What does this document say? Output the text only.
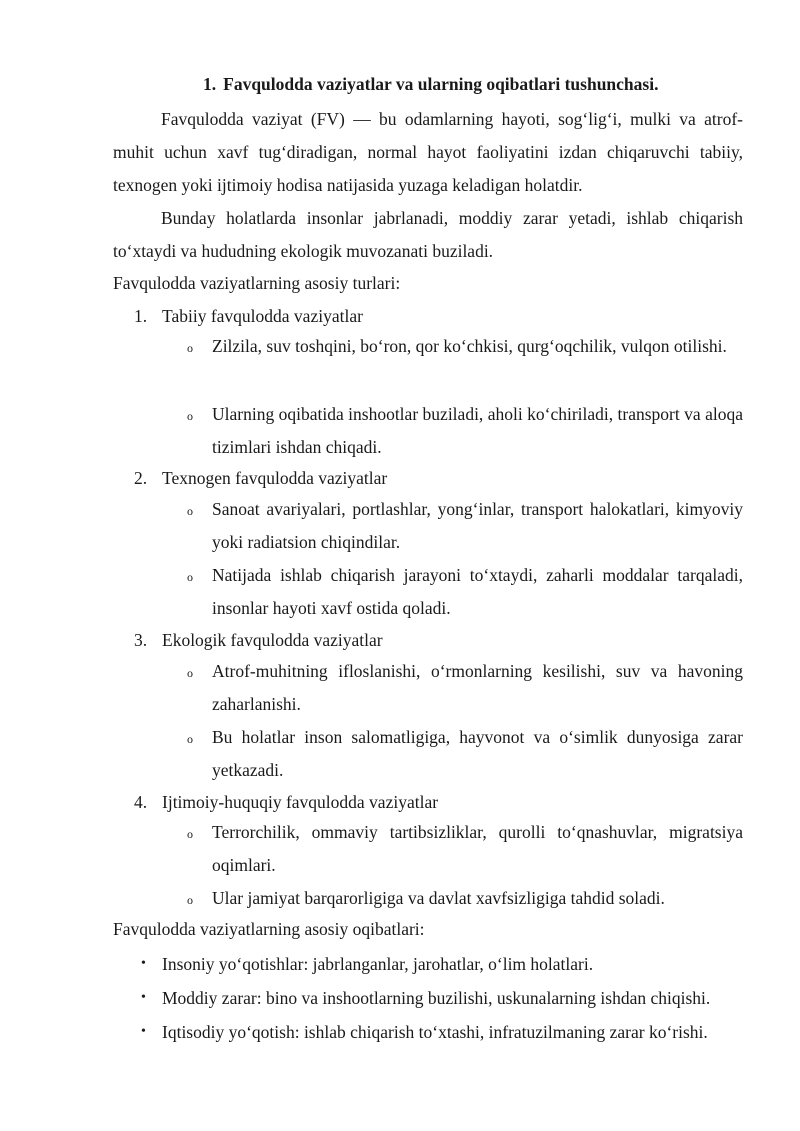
1. Favqulodda vaziyatlar va ularning oqibatlari tushunchasi.
Favqulodda vaziyat (FV) — bu odamlarning hayoti, sog‘lig‘i, mulki va atrof-muhit uchun xavf tug‘diradigan, normal hayot faoliyatini izdan chiqaruvchi tabiiy, texnogen yoki ijtimoiy hodisa natijasida yuzaga keladigan holatdir.
Bunday holatlarda insonlar jabrlanadi, moddiy zarar yetadi, ishlab chiqarish to‘xtaydi va hududning ekologik muvozanati buziladi.
Favqulodda vaziyatlarning asosiy turlari:
1. Tabiiy favqulodda vaziyatlar
o Zilzila, suv toshqini, bo‘ron, qor ko‘chkisi, qurg‘oqchilik, vulqon otilishi.
o Ularning oqibatida inshootlar buziladi, aholi ko‘chiriladi, transport va aloqa tizimlari ishdan chiqadi.
2. Texnogen favqulodda vaziyatlar
o Sanoat avariyalari, portlashlar, yong‘inlar, transport halokatlari, kimyoviy yoki radiatsion chiqindilar.
o Natijada ishlab chiqarish jarayoni to‘xtaydi, zaharli moddalar tarqaladi, insonlar hayoti xavf ostida qoladi.
3. Ekologik favqulodda vaziyatlar
o Atrof-muhitning ifloslanishi, o‘rmonlarning kesilishi, suv va havoning zaharlanishi.
o Bu holatlar inson salomatligiga, hayvonot va o‘simlik dunyosiga zarar yetkazadi.
4. Ijtimoiy-huquqiy favqulodda vaziyatlar
o Terrorchilik, ommaviy tartibsizliklar, qurolli to‘qnashuvlar, migratsiya oqimlari.
o Ular jamiyat barqarorligiga va davlat xavfsizligiga tahdid soladi.
Favqulodda vaziyatlarning asosiy oqibatlari:
• Insoniy yo‘qotishlar: jabrlanganlar, jarohatlar, o‘lim holatlari.
• Moddiy zarar: bino va inshootlarning buzilishi, uskunalarning ishdan chiqishi.
• Iqtisodiy yo‘qotish: ishlab chiqarish to‘xtashi, infratuzilmaning zarar ko‘rishi.
